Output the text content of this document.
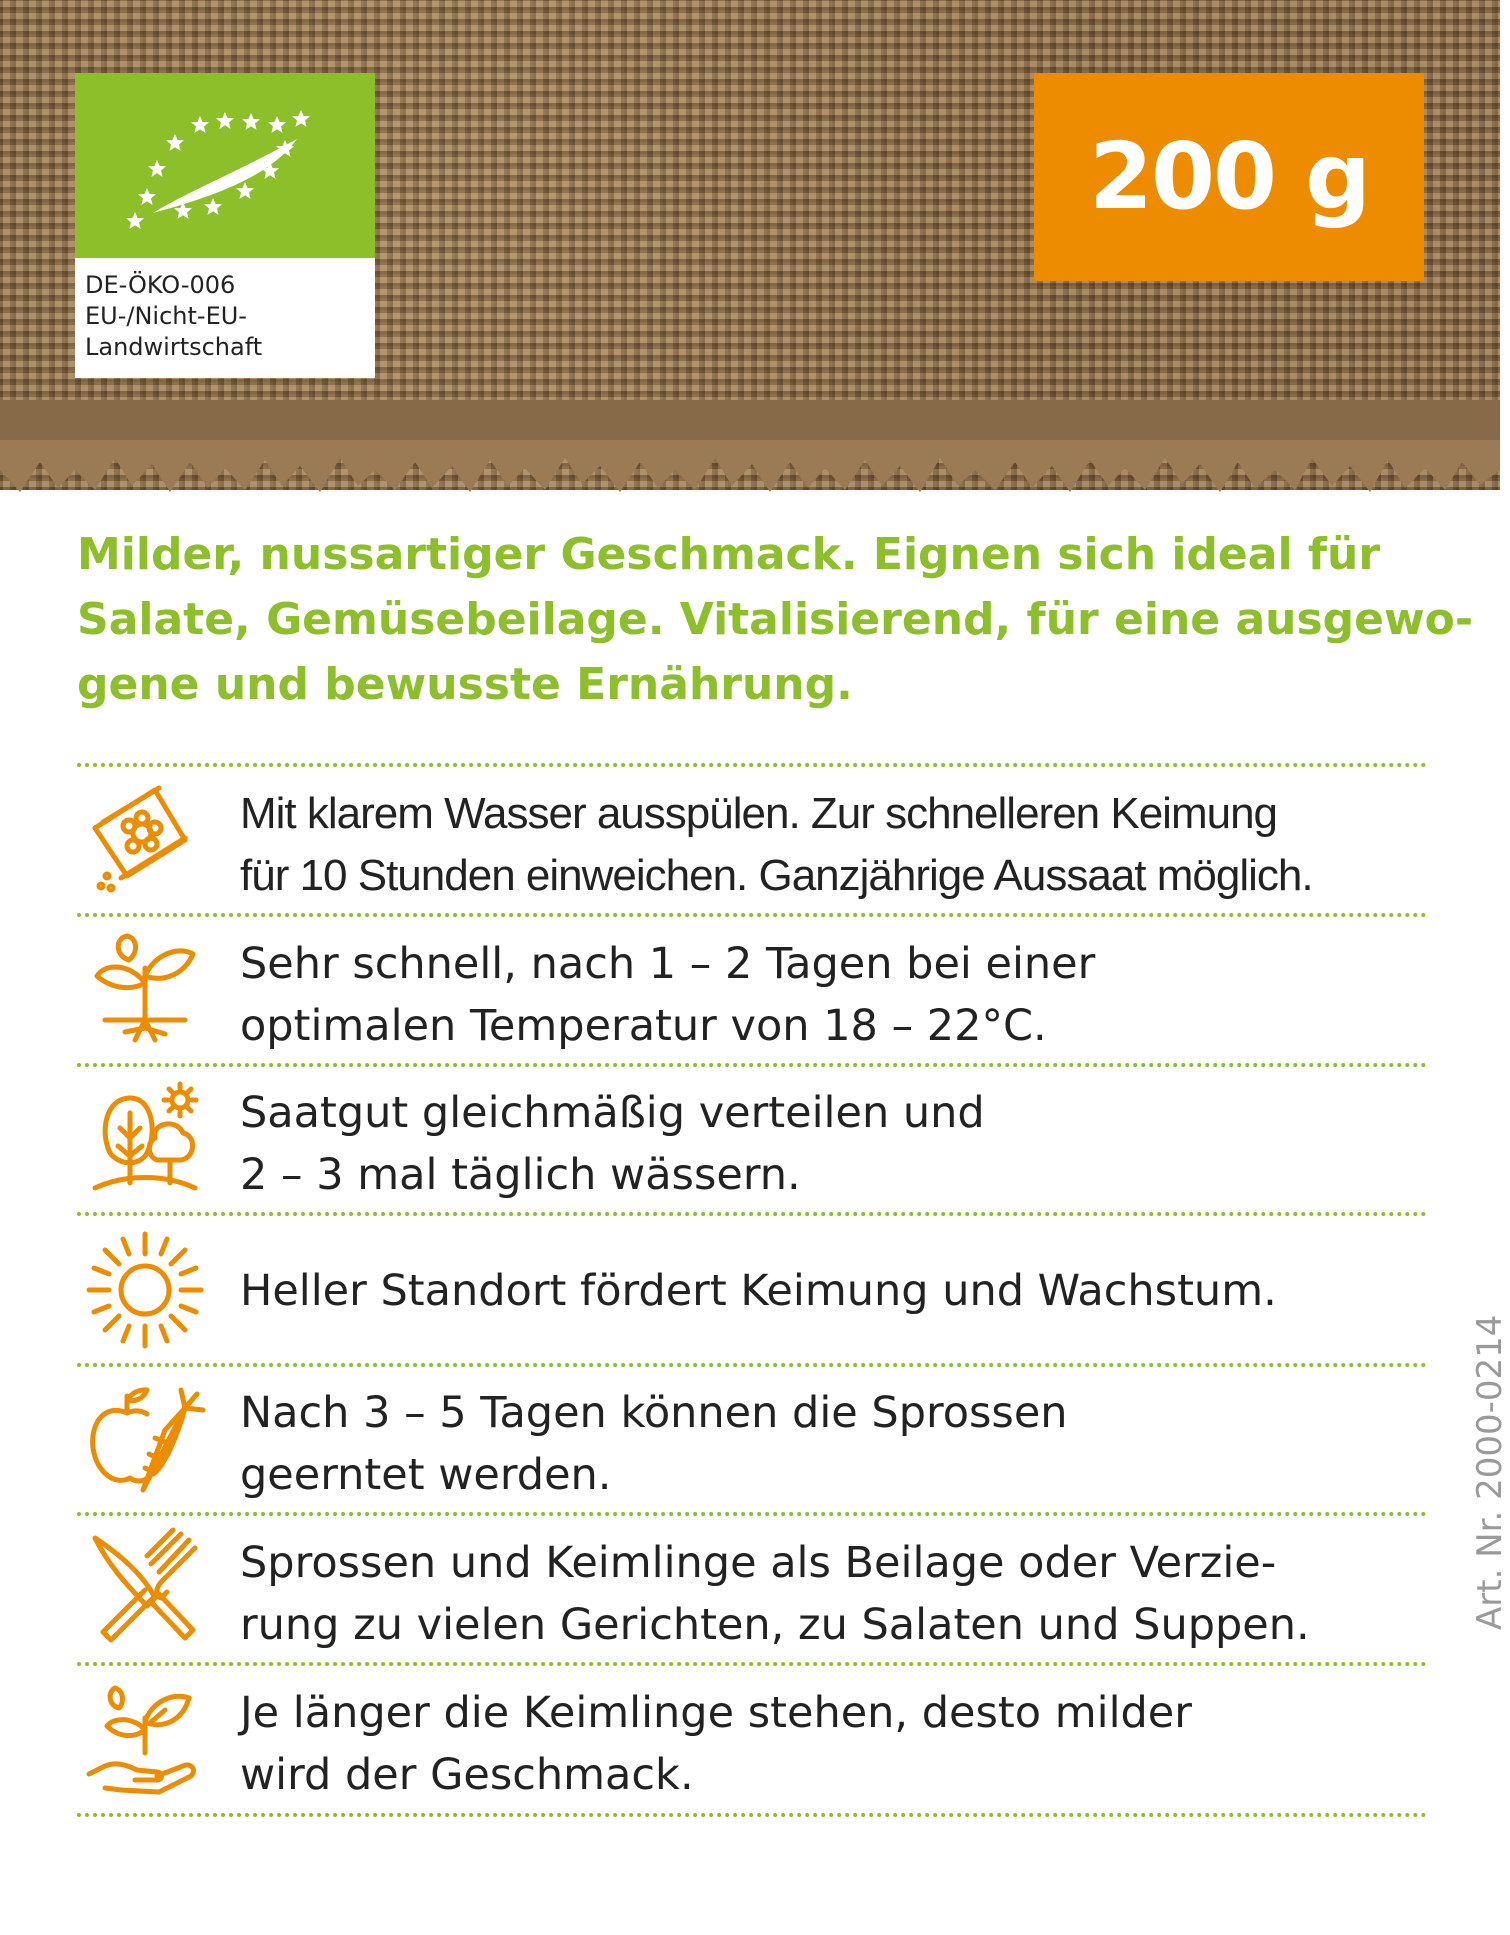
DE-ÖKO-006
EU-/Nicht-EU-
Landwirtschaft
200 g
Milder, nussartiger Geschmack. Eignen sich ideal für
Salate, Gemüsebeilage. Vitalisierend, für eine ausgewo-
gene und bewusste Ernährung.
Mit klarem Wasser ausspülen. Zur schnelleren Keimung
für 10 Stunden einweichen. Ganzjährige Aussaat möglich.
Sehr schnell, nach 1 – 2 Tagen bei einer
optimalen Temperatur von 18 – 22°C.
Saatgut gleichmäßig verteilen und
2 – 3 mal täglich wässern.
Heller Standort fördert Keimung und Wachstum.
Nach 3 – 5 Tagen können die Sprossen
geerntet werden.
Sprossen und Keimlinge als Beilage oder Verzie-
rung zu vielen Gerichten, zu Salaten und Suppen.
Je länger die Keimlinge stehen, desto milder
wird der Geschmack.
Art. Nr. 2000-0214
